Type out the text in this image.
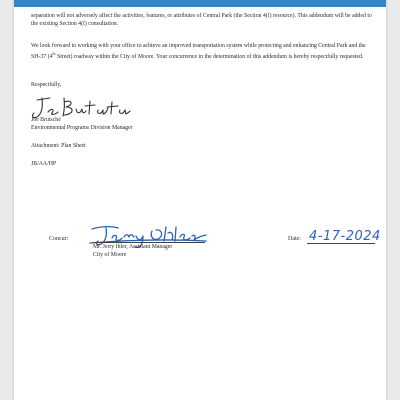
separation will not adversely affect the activities, features, or attributes of Central Park (the Section 4(f) resource). This addendum will be added to the existing Section 4(f) consultation.

We look forward to working with your office to achieve an improved transportation system while protecting and enhancing Central Park and the SH-37 (4th Street) roadway within the City of Moore. Your concurrence in the determination of this addendum is hereby respectfully requested.

Respectfully,

Joe Brutsché

Environmental Programs Division Manager

Attachment: Plan Sheet

JB/AA/HP

Concur:
Mr. Jerry Ihler, Assistant Manager
City of Moore
Date: 4-17-2024
